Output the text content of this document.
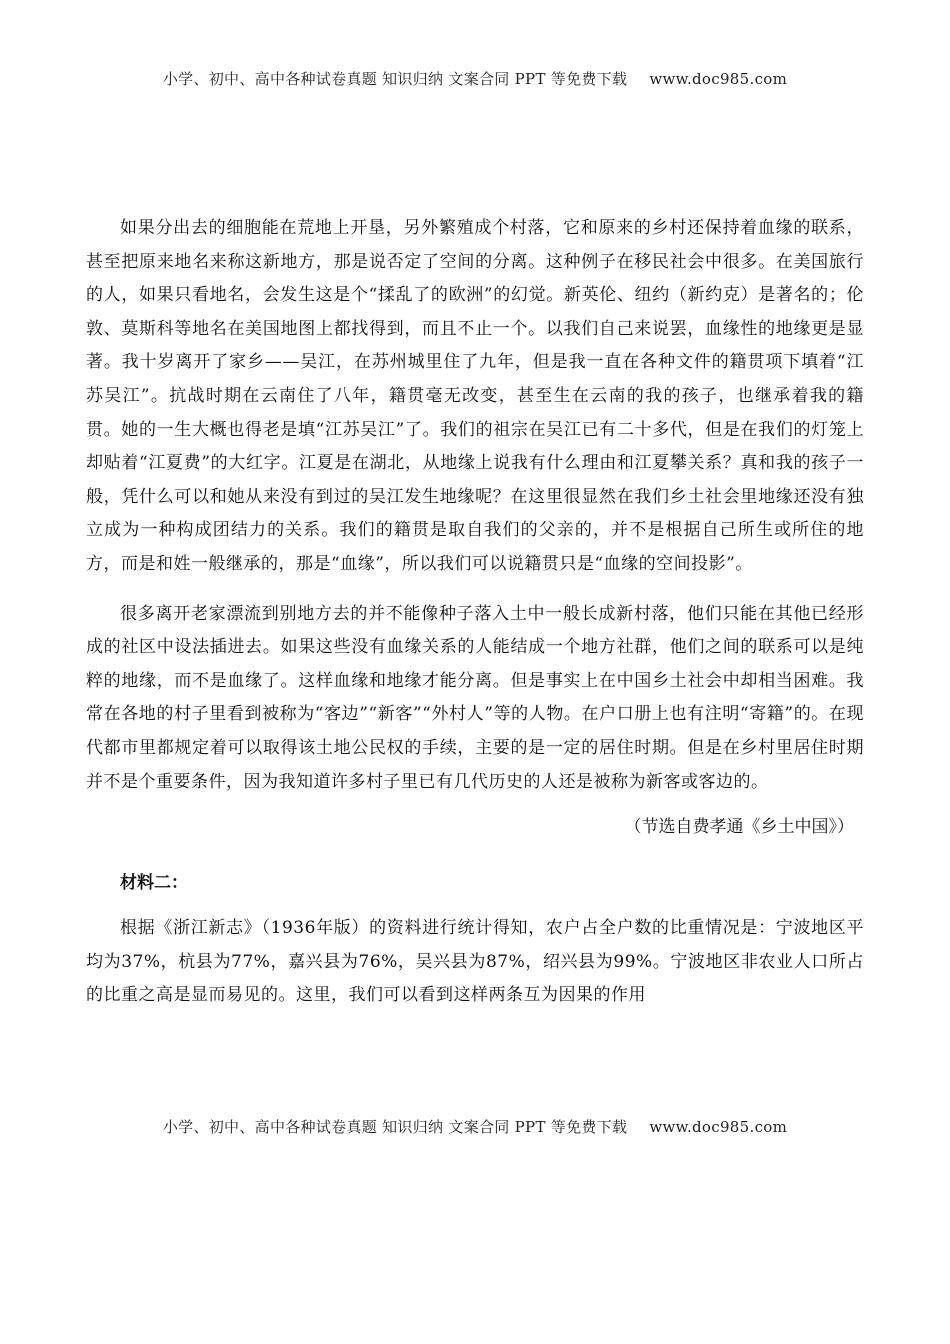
小学、初中、高中各种试卷真题 知识归纳 文案合同 PPT 等免费下载 www.doc985.com

如果分出去的细胞能在荒地上开垦，另外繁殖成个村落，它和原来的乡村还保持着血缘的联系，甚至把原来地名来称这新地方，那是说否定了空间的分离。这种例子在移民社会中很多。在美国旅行的人，如果只看地名，会发生这是个“揉乱了的欧洲”的幻觉。新英伦、纽约（新约克）是著名的；伦敦、莫斯科等地名在美国地图上都找得到，而且不止一个。以我们自己来说罢，血缘性的地缘更是显著。我十岁离开了家乡——吴江，在苏州城里住了九年，但是我一直在各种文件的籍贯项下填着“江苏吴江”。抗战时期在云南住了八年，籍贯毫无改变，甚至生在云南的我的孩子，也继承着我的籍贯。她的一生大概也得老是填“江苏吴江”了。我们的祖宗在吴江已有二十多代，但是在我们的灯笼上却贴着“江夏费”的大红字。江夏是在湖北，从地缘上说我有什么理由和江夏攀关系？真和我的孩子一般，凭什么可以和她从来没有到过的吴江发生地缘呢？在这里很显然在我们乡土社会里地缘还没有独立成为一种构成团结力的关系。我们的籍贯是取自我们的父亲的，并不是根据自己所生或所住的地方，而是和姓一般继承的，那是“血缘”，所以我们可以说籍贯只是“血缘的空间投影”。

很多离开老家漂流到别地方去的并不能像种子落入土中一般长成新村落，他们只能在其他已经形成的社区中设法插进去。如果这些没有血缘关系的人能结成一个地方社群，他们之间的联系可以是纯粹的地缘，而不是血缘了。这样血缘和地缘才能分离。但是事实上在中国乡土社会中却相当困难。我常在各地的村子里看到被称为“客边”“新客”“外村人”等的人物。在户口册上也有注明“寄籍”的。在现代都市里都规定着可以取得该土地公民权的手续，主要的是一定的居住时期。但是在乡村里居住时期并不是个重要条件，因为我知道许多村子里已有几代历史的人还是被称为新客或客边的。

（节选自费孝通《乡土中国》）

材料二：

根据《浙江新志》（1936年版）的资料进行统计得知，农户占全户数的比重情况是：宁波地区平均为37%，杭县为77%，嘉兴县为76%，吴兴县为87%，绍兴县为99%。宁波地区非农业人口所占的比重之高是显而易见的。这里，我们可以看到这样两条互为因果的作用

小学、初中、高中各种试卷真题 知识归纳 文案合同 PPT 等免费下载 www.doc985.com
